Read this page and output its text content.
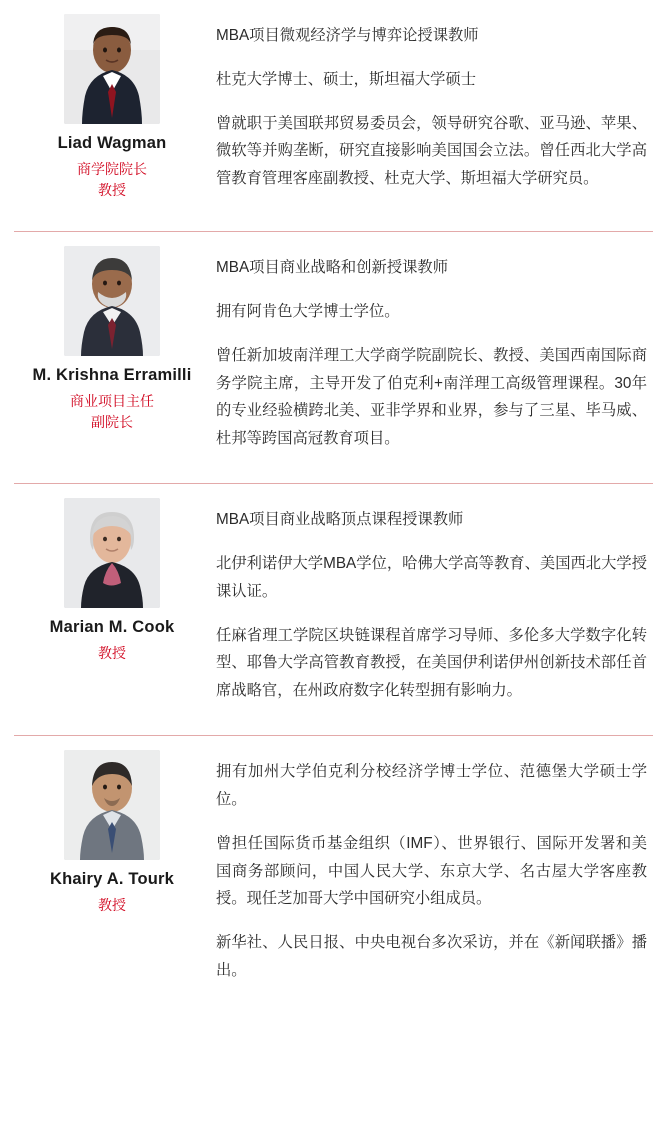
Liad Wagman
商学院院长
教授

MBA项目微观经济学与博弈论授课教师

杜克大学博士、硕士，斯坦福大学硕士

曾就职于美国联邦贸易委员会，领导研究谷歌、亚马逊、苹果、微软等并购垄断，研究直接影响美国国会立法。曾任西北大学高管教育管理客座副教授、杜克大学、斯坦福大学研究员。

M. Krishna Erramilli
商业项目主任
副院长

MBA项目商业战略和创新授课教师

拥有阿肯色大学博士学位。

曾任新加坡南洋理工大学商学院副院长、教授、美国西南国际商务学院主席，主导开发了伯克利+南洋理工高级管理课程。30年的专业经验横跨北美、亚非学界和业界，参与了三星、毕马威、杜邦等跨国高冠教育项目。

Marian M. Cook
教授

MBA项目商业战略顶点课程授课教师

北伊利诺伊大学MBA学位，哈佛大学高等教育、美国西北大学授课认证。

任麻省理工学院区块链课程首席学习导师、多伦多大学数字化转型、耶鲁大学高管教育教授，在美国伊利诺伊州创新技术部任首席战略官，在州政府数字化转型拥有影响力。

Khairy A. Tourk
教授

拥有加州大学伯克利分校经济学博士学位、范德堡大学硕士学位。

曾担任国际货币基金组织（IMF）、世界银行、国际开发署和美国商务部顾问，中国人民大学、东京大学、名古屋大学客座教授。现任芝加哥大学中国研究小组成员。

新华社、人民日报、中央电视台多次采访，并在《新闻联播》播出。
